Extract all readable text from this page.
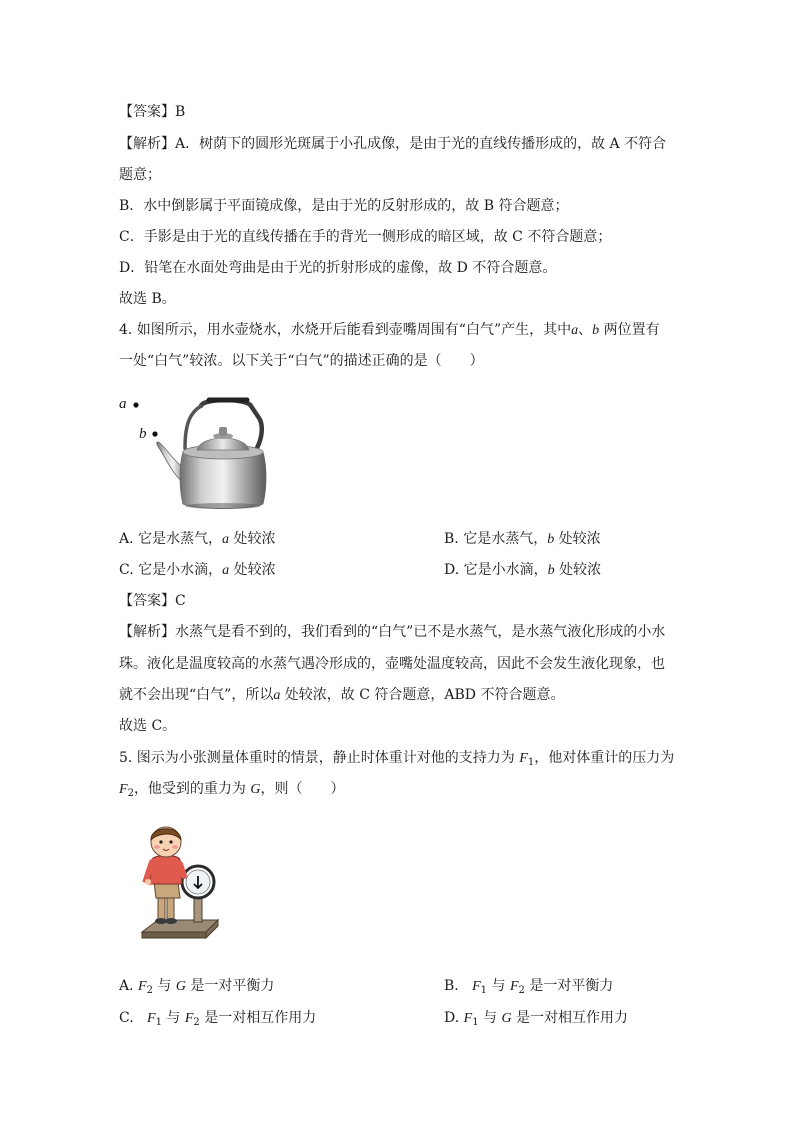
【答案】B
【解析】A．树荫下的圆形光斑属于小孔成像，是由于光的直线传播形成的，故 A 不符合
题意；
B．水中倒影属于平面镜成像，是由于光的反射形成的，故 B 符合题意；
C．手影是由于光的直线传播在手的背光一侧形成的暗区域，故 C 不符合题意；
D．铅笔在水面处弯曲是由于光的折射形成的虚像，故 D 不符合题意。
故选 B。
4. 如图所示，用水壶烧水，水烧开后能看到壶嘴周围有“白气”产生，其中a、b 两位置有
一处“白气”较浓。以下关于“白气”的描述正确的是（　　）
a
b
A. 它是水蒸气，a 处较浓	B. 它是水蒸气，b 处较浓
C. 它是小水滴，a 处较浓	D. 它是小水滴，b 处较浓
【答案】C
【解析】水蒸气是看不到的，我们看到的“白气”已不是水蒸气，是水蒸气液化形成的小水
珠。液化是温度较高的水蒸气遇冷形成的，壶嘴处温度较高，因此不会发生液化现象，也
就不会出现“白气”，所以a 处较浓，故 C 符合题意，ABD 不符合题意。
故选 C。
5. 图示为小张测量体重时的情景，静止时体重计对他的支持力为 $F_1$，他对体重计的压力为
$F_2$，他受到的重力为 G，则（　　）
A. $F_2$ 与 G 是一对平衡力	B.   $F_1$ 与 $F_2$ 是一对平衡力
C.   $F_1$ 与 $F_2$ 是一对相互作用力	D. $F_1$ 与 G 是一对相互作用力
